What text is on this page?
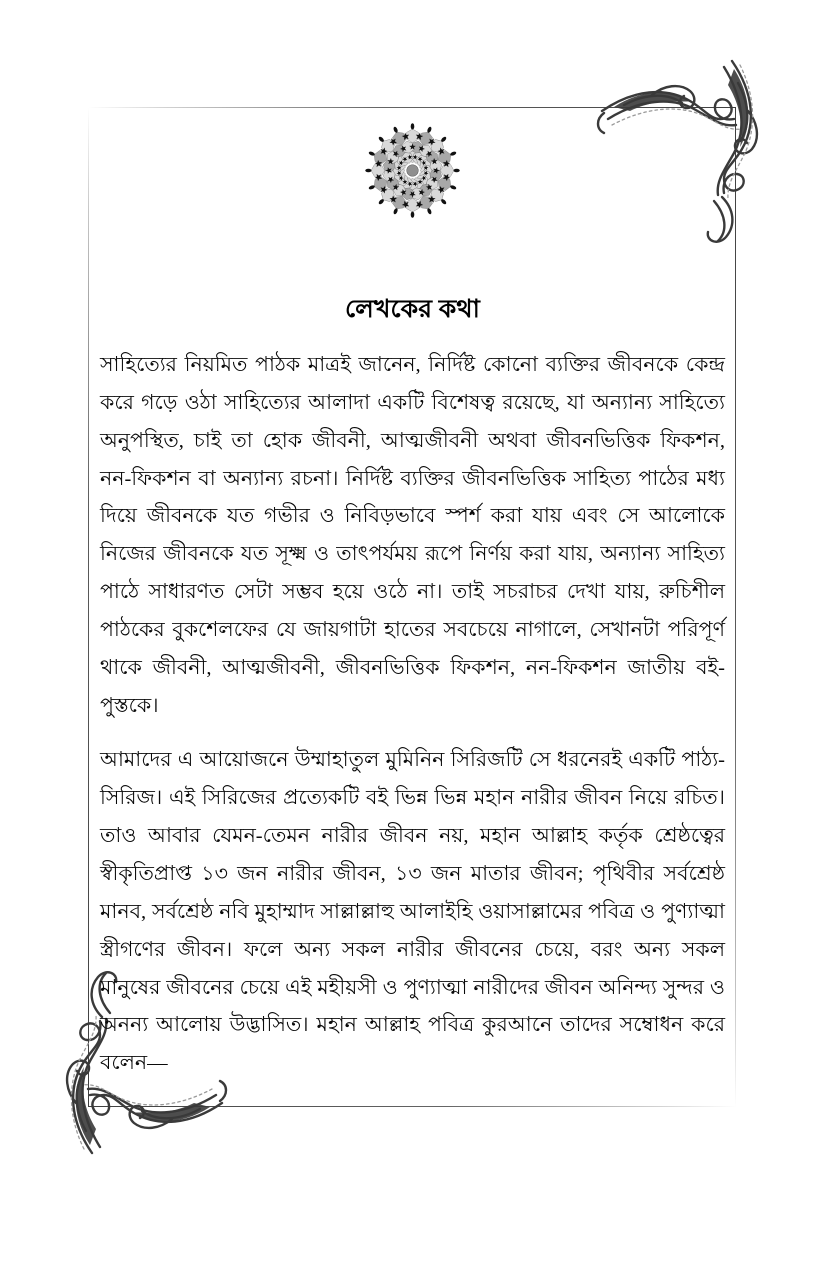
লেখকের কথা

সাহিত্যের নিয়মিত পাঠক মাত্রই জানেন, নির্দিষ্ট কোনো ব্যক্তির জীবনকে কেন্দ্র করে গড়ে ওঠা সাহিত্যের আলাদা একটি বিশেষত্ব রয়েছে, যা অন্যান্য সাহিত্যে অনুপস্থিত, চাই তা হোক জীবনী, আত্মজীবনী অথবা জীবনভিত্তিক ফিকশন, নন-ফিকশন বা অন্যান্য রচনা। নির্দিষ্ট ব্যক্তির জীবনভিত্তিক সাহিত্য পাঠের মধ্য দিয়ে জীবনকে যত গভীর ও নিবিড়ভাবে স্পর্শ করা যায় এবং সে আলোকে নিজের জীবনকে যত সূক্ষ্ম ও তাৎপর্যময় রূপে নির্ণয় করা যায়, অন্যান্য সাহিত্য পাঠে সাধারণত সেটা সম্ভব হয়ে ওঠে না। তাই সচরাচর দেখা যায়, রুচিশীল পাঠকের বুকশেলফের যে জায়গাটা হাতের সবচেয়ে নাগালে, সেখানটা পরিপূর্ণ থাকে জীবনী, আত্মজীবনী, জীবনভিত্তিক ফিকশন, নন-ফিকশন জাতীয় বই-পুস্তকে।

আমাদের এ আয়োজনে উম্মাহাতুল মুমিনিন সিরিজটি সে ধরনেরই একটি পাঠ্য-সিরিজ। এই সিরিজের প্রত্যেকটি বই ভিন্ন ভিন্ন মহান নারীর জীবন নিয়ে রচিত। তাও আবার যেমন-তেমন নারীর জীবন নয়, মহান আল্লাহ কর্তৃক শ্রেষ্ঠত্বের স্বীকৃতিপ্রাপ্ত ১৩ জন নারীর জীবন, ১৩ জন মাতার জীবন; পৃথিবীর সর্বশ্রেষ্ঠ মানব, সর্বশ্রেষ্ঠ নবি মুহাম্মাদ সাল্লাল্লাহু আলাইহি ওয়াসাল্লামের পবিত্র ও পুণ্যাত্মা স্ত্রীগণের জীবন। ফলে অন্য সকল নারীর জীবনের চেয়ে, বরং অন্য সকল মানুষের জীবনের চেয়ে এই মহীয়সী ও পুণ্যাত্মা নারীদের জীবন অনিন্দ্য সুন্দর ও অনন্য আলোয় উদ্ভাসিত। মহান আল্লাহ পবিত্র কুরআনে তাদের সম্বোধন করে বলেন—
